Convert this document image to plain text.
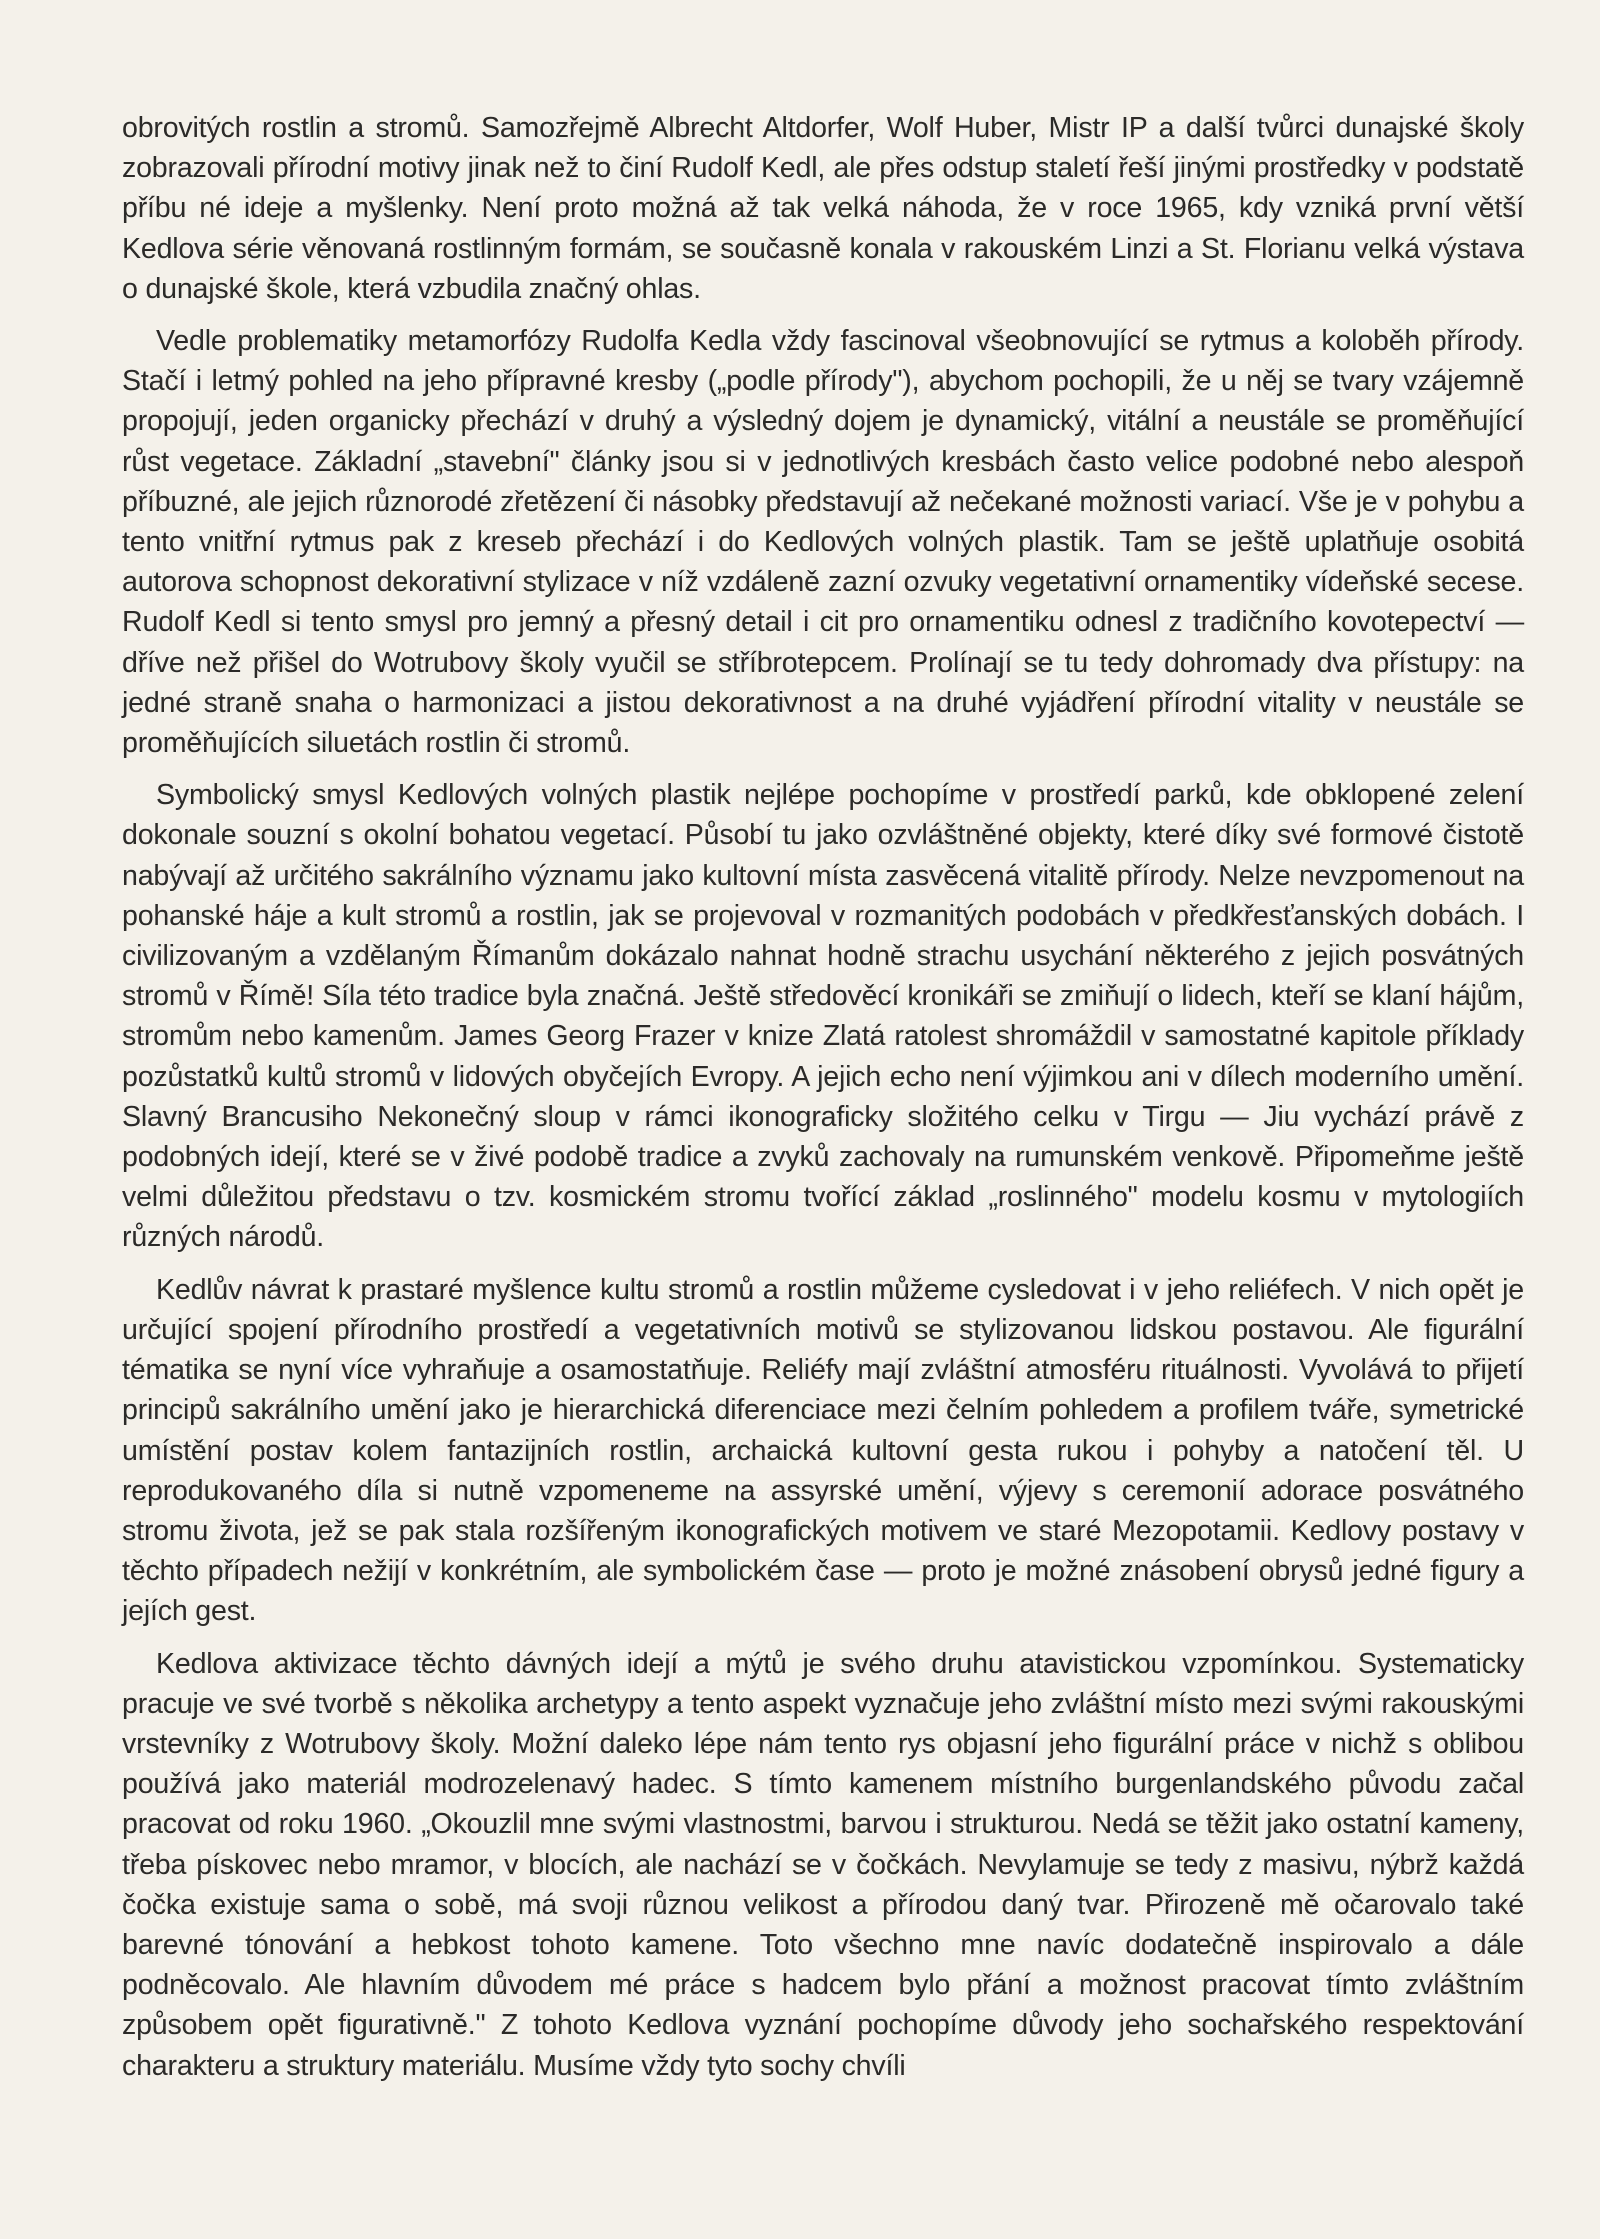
obrovitých rostlin a stromů. Samozřejmě Albrecht Altdorfer, Wolf Huber, Mistr IP a další tvůrci dunajské školy zobrazovali přírodní motivy jinak než to činí Rudolf Kedl, ale přes odstup staletí řeší jinými prostředky v podstatě příbu né ideje a myšlenky. Není proto možná až tak velká náhoda, že v roce 1965, kdy vzniká první větší Kedlova série věnovaná rostlinným formám, se současně konala v rakouském Linzi a St. Florianu velká výstava o dunajské škole, která vzbudila značný ohlas.

Vedle problematiky metamorfózy Rudolfa Kedla vždy fascinoval všeobnovující se rytmus a koloběh přírody. Stačí i letmý pohled na jeho přípravné kresby („podle přírody"), abychom pochopili, že u něj se tvary vzájemně propojují, jeden organicky přechází v druhý a výsledný dojem je dynamický, vitální a neustále se proměňující růst vegetace. Základní „stavební" články jsou si v jednotlivých kresbách často velice podobné nebo alespoň příbuzné, ale jejich různorodé zřetězení či násobky představují až nečekané možnosti variací. Vše je v pohybu a tento vnitřní rytmus pak z kreseb přechází i do Kedlových volných plastik. Tam se ještě uplatňuje osobitá autorova schopnost dekorativní stylizace v níž vzdáleně zazní ozvuky vegetativní ornamentiky vídeňské secese. Rudolf Kedl si tento smysl pro jemný a přesný detail i cit pro ornamentiku odnesl z tradičního kovotepectví — dříve než přišel do Wotrubovy školy vyučil se stříbrotepcem. Prolínají se tu tedy dohromady dva přístupy: na jedné straně snaha o harmonizaci a jistou dekorativnost a na druhé vyjádření přírodní vitality v neustále se proměňujících siluetách rostlin či stromů.

Symbolický smysl Kedlových volných plastik nejlépe pochopíme v prostředí parků, kde obklopené zelení dokonale souzní s okolní bohatou vegetací. Působí tu jako ozvláštněné objekty, které díky své formové čistotě nabývají až určitého sakrálního významu jako kultovní místa zasvěcená vitalitě přírody. Nelze nevzpomenout na pohanské háje a kult stromů a rostlin, jak se projevoval v rozmanitých podobách v předkřesťanských dobách. I civilizovaným a vzdělaným Římanům dokázalo nahnat hodně strachu usychání některého z jejich posvátných stromů v Římě! Síla této tradice byla značná. Ještě středověcí kronikáři se zmiňují o lidech, kteří se klaní hájům, stromům nebo kamenům. James Georg Frazer v knize Zlatá ratolest shromáždil v samostatné kapitole příklady pozůstatků kultů stromů v lidových obyčejích Evropy. A jejich echo není výjimkou ani v dílech moderního umění. Slavný Brancusiho Nekonečný sloup v rámci ikonograficky složitého celku v Tirgu — Jiu vychází právě z podobných idejí, které se v živé podobě tradice a zvyků zachovaly na rumunském venkově. Připomeňme ještě velmi důležitou představu o tzv. kosmickém stromu tvořící základ „roslinného" modelu kosmu v mytologiích různých národů.

Kedlův návrat k prastaré myšlence kultu stromů a rostlin můžeme cysledovat i v jeho reliéfech. V nich opět je určující spojení přírodního prostředí a vegetativních motivů se stylizovanou lidskou postavou. Ale figurální tématika se nyní více vyhraňuje a osamostatňuje. Reliéfy mají zvláštní atmosféru rituálnosti. Vyvolává to přijetí principů sakrálního umění jako je hierarchická diferenciace mezi čelním pohledem a profilem tváře, symetrické umístění postav kolem fantazijních rostlin, archaická kultovní gesta rukou i pohyby a natočení těl. U reprodukovaného díla si nutně vzpomeneme na assyrské umění, výjevy s ceremonií adorace posvátného stromu života, jež se pak stala rozšířeným ikonografických motivem ve staré Mezopotamii. Kedlovy postavy v těchto případech nežijí v konkrétním, ale symbolickém čase — proto je možné znásobení obrysů jedné figury a jejích gest.

Kedlova aktivizace těchto dávných idejí a mýtů je svého druhu atavistickou vzpomínkou. Systematicky pracuje ve své tvorbě s několika archetypy a tento aspekt vyznačuje jeho zvláštní místo mezi svými rakouskými vrstevníky z Wotrubovy školy. Možní daleko lépe nám tento rys objasní jeho figurální práce v nichž s oblibou používá jako materiál modrozelenavý hadec. S tímto kamenem místního burgenlandského původu začal pracovat od roku 1960. „Okouzlil mne svými vlastnostmi, barvou i strukturou. Nedá se těžit jako ostatní kameny, třeba pískovec nebo mramor, v blocích, ale nachází se v čočkách. Nevylamuje se tedy z masivu, nýbrž každá čočka existuje sama o sobě, má svoji různou velikost a přírodou daný tvar. Přirozeně mě očarovalo také barevné tónování a hebkost tohoto kamene. Toto všechno mne navíc dodatečně inspirovalo a dále podněcovalo. Ale hlavním důvodem mé práce s hadcem bylo přání a možnost pracovat tímto zvláštním způsobem opět figurativně." Z tohoto Kedlova vyznání pochopíme důvody jeho sochařského respektování charakteru a struktury materiálu. Musíme vždy tyto sochy chvíli
